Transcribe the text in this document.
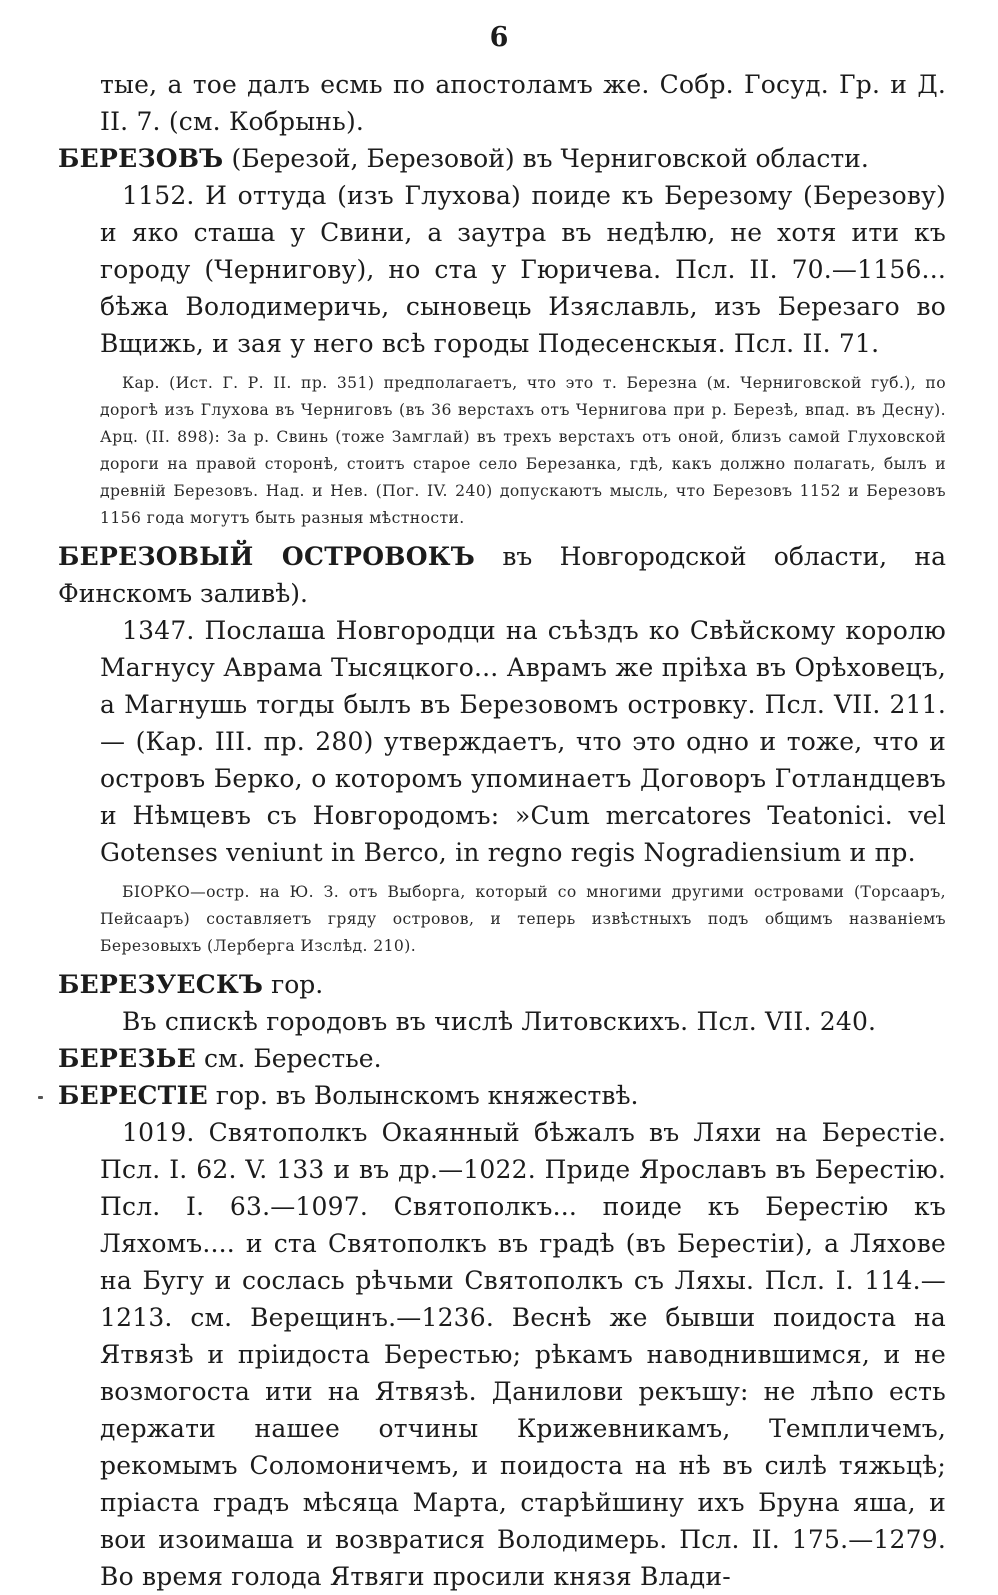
6

тые, а тое далъ есмь по апостоламъ же. Собр. Госуд. Гр. и Д. II. 7. (см. Кобрынь).

БЕРЕЗОВЪ (Березой, Березовой) въ Черниговской области.

1152. И оттуда (изъ Глухова) поиде къ Березому (Березову) и яко сташа у Свини, а заутра въ недѣлю, не хотя ити къ городу (Чернигову), но ста у Гюричева. Псл. II. 70.—1156... бѣжа Володимеричь, сыновець Изяславль, изъ Березаго во Вщижь, и зая у него всѣ городы Подесенскыя. Псл. II. 71.

Кар. (Ист. Г. Р. II. пр. 351) предполагаетъ, что это т. Березна (м. Черниговской губ.), по дорогѣ изъ Глухова въ Черниговъ (въ 36 верстахъ отъ Чернигова при р. Березѣ, впад. въ Десну). Арц. (II. 898): За р. Свинь (тоже Замглай) въ трехъ верстахъ отъ оной, близъ самой Глуховской дороги на правой сторонѣ, стоитъ старое село Березанка, гдѣ, какъ должно полагать, былъ и древній Березовъ. Над. и Нев. (Пог. IV. 240) допускаютъ мысль, что Березовъ 1152 и Березовъ 1156 года могутъ быть разныя мѣстности.

БЕРЕЗОВЫЙ ОСТРОВОКЪ въ Новгородской области, на Финскомъ заливѣ).

1347. Послаша Новгородци на съѣздъ ко Свѣйскому королю Магнусу Аврама Тысяцкого... Аврамъ же прiѣха въ Орѣховецъ, а Магнушь тогды былъ въ Березовомъ островку. Псл. VII. 211.— (Кар. III. пр. 280) утверждаетъ, что это одно и тоже, что и островъ Берко, о которомъ упоминаетъ Договоръ Готландцевъ и Нѣмцевъ съ Новгородомъ: »Cum mercatores Teatonici. vel Gotenses veniunt in Berco, in regno regis Nogradiensium и пр.

БІОРКО—остр. на Ю. З. отъ Выборга, который со многими другими островами (Торсааръ, Пейсааръ) составляетъ гряду островов, и теперь извѣстныхъ подъ общимъ названіемъ Березовыхъ (Лерберга Изслѣд. 210).

БЕРЕЗУЕСКЪ гор.

Въ спискѣ городовъ въ числѣ Литовскихъ. Псл. VII. 240.

БЕРЕЗЬЕ см. Берестье.

БЕРЕСТІЕ гор. въ Волынскомъ княжествѣ.

1019. Святополкъ Окаянный бѣжалъ въ Ляхи на Берестіе. Псл. I. 62. V. 133 и въ др.—1022. Приде Ярославъ въ Берестію. Псл. I. 63.—1097. Святополкъ... поиде къ Берестію къ Ляхомъ.... и ста Святополкъ въ градѣ (въ Берестіи), а Ляхове на Бугу и сослась рѣчьми Святополкъ съ Ляхы. Псл. I. 114.—1213. см. Верещинъ.—1236. Веснѣ же бывши поидоста на Ятвязѣ и прiидоста Берестью; рѣкамъ наводнившимся, и не возмогоста ити на Ятвязѣ. Данилови рекъшу: не лѣпо есть держати нашее отчины Крижевникамъ, Темпличемъ, рекомымъ Соломоничемъ, и поидоста на нѣ въ силѣ тяжьцѣ; прiаста градъ мѣсяца Марта, старѣйшину ихъ Бруна яша, и вои изоимаша и возвратися Володимерь. Псл. II. 175.—1279. Во время голода Ятвяги просили князя Влади-
